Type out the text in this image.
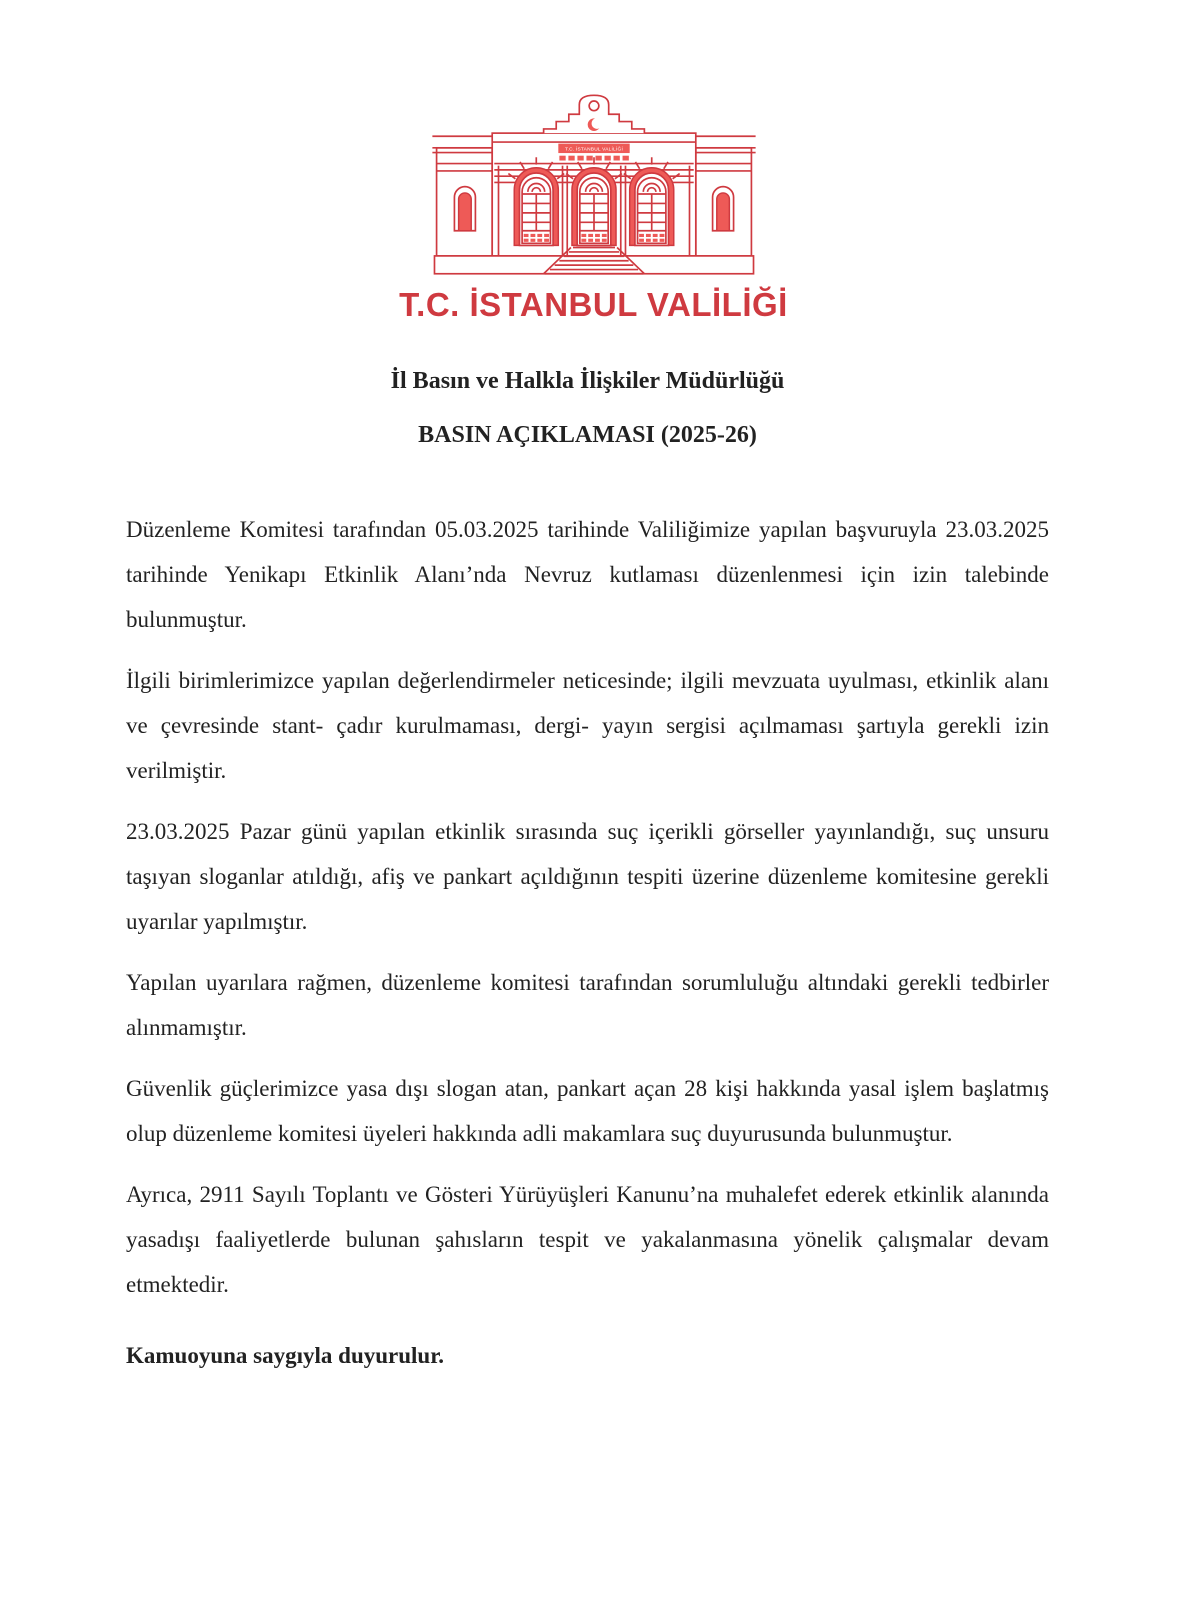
T.C. İSTANBUL VALİLİĞİ
T.C. İSTANBUL VALİLİĞİ
İl Basın ve Halkla İlişkiler Müdürlüğü
BASIN AÇIKLAMASI (2025-26)

Düzenleme Komitesi tarafından 05.03.2025 tarihinde Valiliğimize yapılan başvuruyla 23.03.2025 tarihinde Yenikapı Etkinlik Alanı’nda Nevruz kutlaması düzenlenmesi için izin talebinde bulunmuştur.

İlgili birimlerimizce yapılan değerlendirmeler neticesinde; ilgili mevzuata uyulması, etkinlik alanı ve çevresinde stant- çadır kurulmaması, dergi- yayın sergisi açılmaması şartıyla gerekli izin verilmiştir.

23.03.2025 Pazar günü yapılan etkinlik sırasında suç içerikli görseller yayınlandığı, suç unsuru taşıyan sloganlar atıldığı, afiş ve pankart açıldığının tespiti üzerine düzenleme komitesine gerekli uyarılar yapılmıştır.

Yapılan uyarılara rağmen, düzenleme komitesi tarafından sorumluluğu altındaki gerekli tedbirler alınmamıştır.

Güvenlik güçlerimizce yasa dışı slogan atan, pankart açan 28 kişi hakkında yasal işlem başlatmış olup düzenleme komitesi üyeleri hakkında adli makamlara suç duyurusunda bulunmuştur.

Ayrıca, 2911 Sayılı Toplantı ve Gösteri Yürüyüşleri Kanunu’na muhalefet ederek etkinlik alanında yasadışı faaliyetlerde bulunan şahısların tespit ve yakalanmasına yönelik çalışmalar devam etmektedir.

Kamuoyuna saygıyla duyurulur.
